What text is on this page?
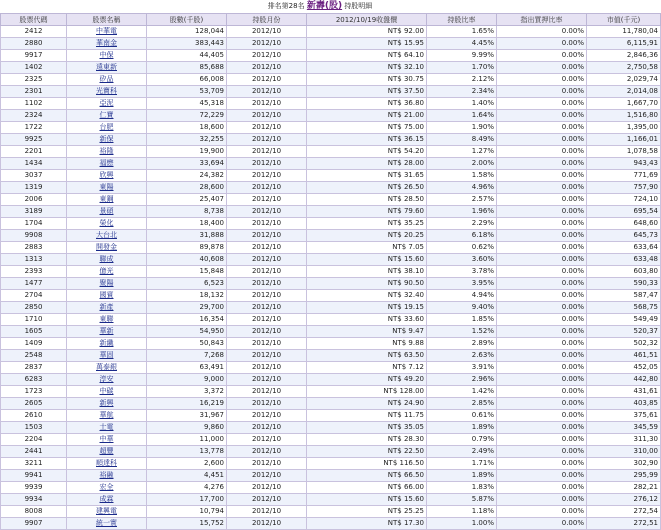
排名第28名 新壽(股) 持股明細
股票代碼	股票名稱	股數(千股)	持股月份	2012/10/19收盤價	持股比率	指出質押比率	市值(千元)
2412	中華電	128,044	2012/10	NT$ 92.00	1.65%	0.00%	11,780,04
2880	華南金	383,443	2012/10	NT$ 15.95	4.45%	0.00%	6,115,91
9917	中保	44,405	2012/10	NT$ 64.10	9.99%	0.00%	2,846,36
1402	遠東新	85,688	2012/10	NT$ 32.10	1.70%	0.00%	2,750,58
2325	矽品	66,008	2012/10	NT$ 30.75	2.12%	0.00%	2,029,74
2301	光寶科	53,709	2012/10	NT$ 37.50	2.34%	0.00%	2,014,08
1102	亞泥	45,318	2012/10	NT$ 36.80	1.40%	0.00%	1,667,70
2324	仁寶	72,229	2012/10	NT$ 21.00	1.64%	0.00%	1,516,80
1722	台肥	18,600	2012/10	NT$ 75.00	1.90%	0.00%	1,395,00
9925	新保	32,255	2012/10	NT$ 36.15	8.49%	0.00%	1,166,01
2201	裕隆	19,900	2012/10	NT$ 54.20	1.27%	0.00%	1,078,58
1434	福懋	33,694	2012/10	NT$ 28.00	2.00%	0.00%	943,43
3037	欣興	24,382	2012/10	NT$ 31.65	1.58%	0.00%	771,69
1319	東陽	28,600	2012/10	NT$ 26.50	4.96%	0.00%	757,90
2006	東鋼	25,407	2012/10	NT$ 28.50	2.57%	0.00%	724,10
3189	景碩	8,738	2012/10	NT$ 79.60	1.96%	0.00%	695,54
1704	榮化	18,400	2012/10	NT$ 35.25	2.29%	0.00%	648,60
9908	大台北	31,888	2012/10	NT$ 20.25	6.18%	0.00%	645,73
2883	開發金	89,878	2012/10	NT$ 7.05	0.62%	0.00%	633,64
1313	聯成	40,608	2012/10	NT$ 15.60	3.60%	0.00%	633,48
2393	億光	15,848	2012/10	NT$ 38.10	3.78%	0.00%	603,80
1477	聚陽	6,523	2012/10	NT$ 90.50	3.95%	0.00%	590,33
2704	國賓	18,132	2012/10	NT$ 32.40	4.94%	0.00%	587,47
2850	新產	29,700	2012/10	NT$ 19.15	9.40%	0.00%	568,75
1710	東聯	16,354	2012/10	NT$ 33.60	1.85%	0.00%	549,49
1605	華新	54,950	2012/10	NT$ 9.47	1.52%	0.00%	520,37
1409	新纖	50,843	2012/10	NT$ 9.88	2.89%	0.00%	502,32
2548	華固	7,268	2012/10	NT$ 63.50	2.63%	0.00%	461,51
2837	萬泰銀	63,491	2012/10	NT$ 7.12	3.91%	0.00%	452,05
6283	淳安	9,000	2012/10	NT$ 49.20	2.96%	0.00%	442,80
1723	中碳	3,372	2012/10	NT$ 128.00	1.42%	0.00%	431,61
2605	新興	16,219	2012/10	NT$ 24.90	2.85%	0.00%	403,85
2610	華航	31,967	2012/10	NT$ 11.75	0.61%	0.00%	375,61
1503	士電	9,860	2012/10	NT$ 35.05	1.89%	0.00%	345,59
2204	中華	11,000	2012/10	NT$ 28.30	0.79%	0.00%	311,30
2441	超豐	13,778	2012/10	NT$ 22.50	2.49%	0.00%	310,00
3211	順達科	2,600	2012/10	NT$ 116.50	1.71%	0.00%	302,90
9941	裕融	4,451	2012/10	NT$ 66.50	1.89%	0.00%	295,99
9939	宏全	4,276	2012/10	NT$ 66.00	1.83%	0.00%	282,21
9934	成霖	17,700	2012/10	NT$ 15.60	5.87%	0.00%	276,12
8008	建興電	10,794	2012/10	NT$ 25.25	1.18%	0.00%	272,54
9907	統一實	15,752	2012/10	NT$ 17.30	1.00%	0.00%	272,51
